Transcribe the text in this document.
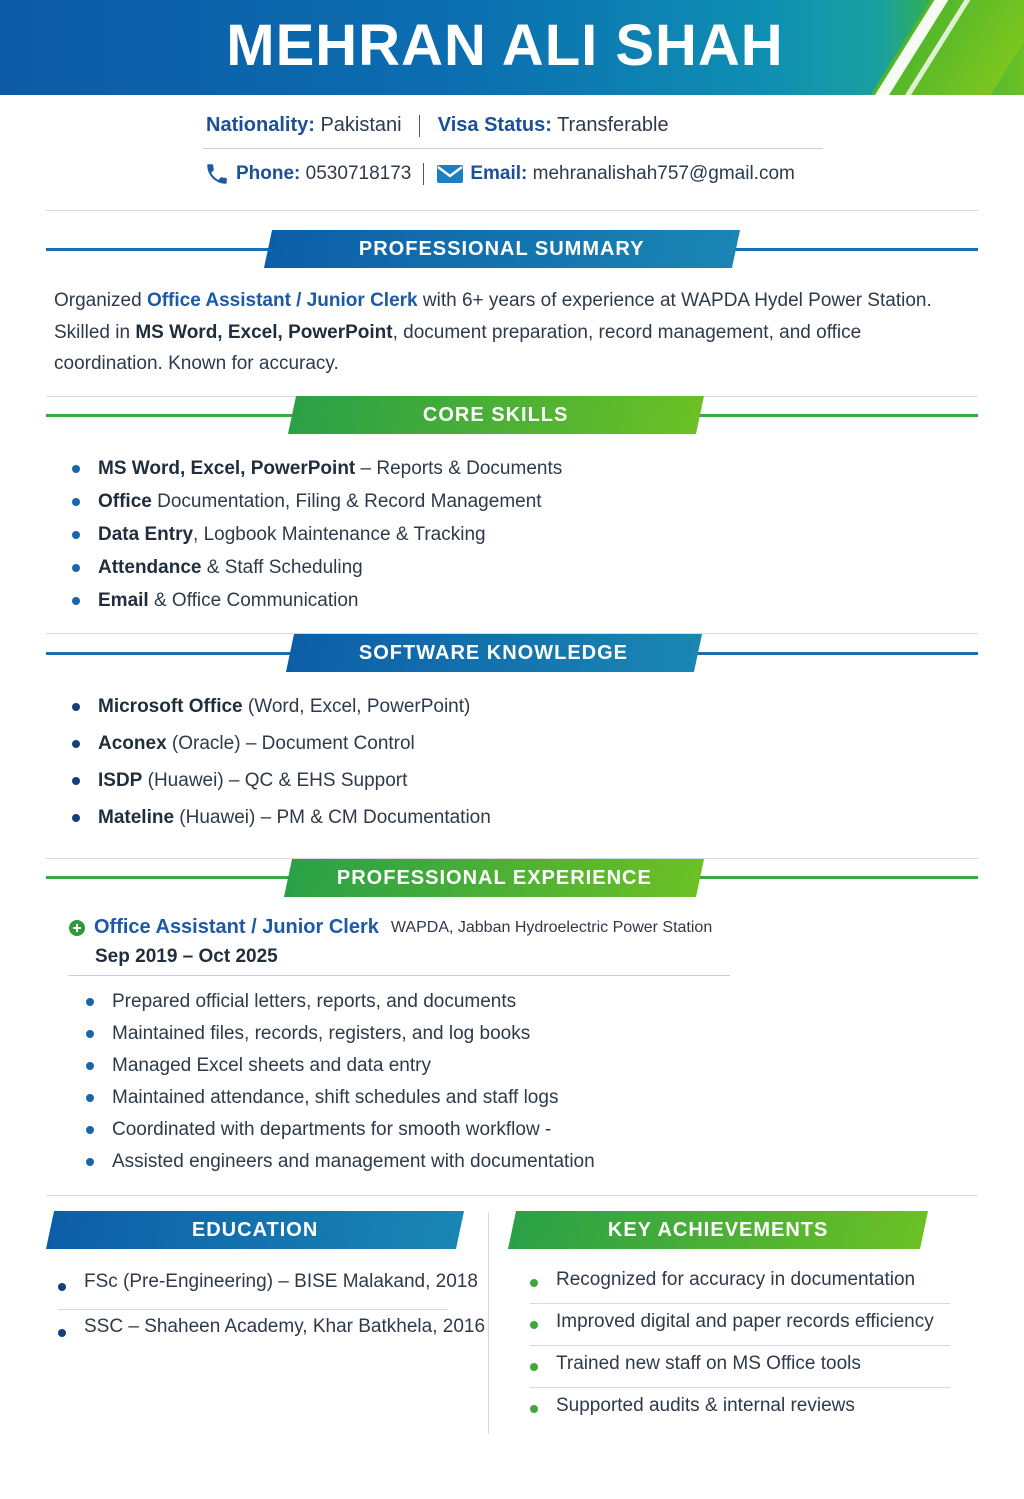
MEHRAN ALI SHAH
Nationality: Pakistani Visa Status: Transferable
Phone:
0530718173	Email:
mehranalishah757@gmail.com
PROFESSIONAL SUMMARY

Organized Office Assistant / Junior Clerk with 6+ years of experience at WAPDA Hydel Power Station. Skilled in MS Word, Excel, PowerPoint, document preparation, record management, and office coordination. Known for accuracy.

CORE SKILLS
MS Word, Excel, PowerPoint – Reports & Documents
Office Documentation, Filing & Record Management
Data Entry, Logbook Maintenance & Tracking
Attendance & Staff Scheduling
Email & Office Communication
SOFTWARE KNOWLEDGE
Microsoft Office (Word, Excel, PowerPoint)
Aconex (Oracle) – Document Control
ISDP (Huawei) – QC & EHS Support
Mateline (Huawei) – PM & CM Documentation
PROFESSIONAL EXPERIENCE
Office Assistant / Junior Clerk WAPDA, Jabban Hydroelectric Power Station
Sep 2019 – Oct 2025
Prepared official letters, reports, and documents
Maintained files, records, registers, and log books
Managed Excel sheets and data entry
Maintained attendance, shift schedules and staff logs
Coordinated with departments for smooth workflow -
Assisted engineers and management with documentation
EDUCATION
FSc (Pre-Engineering) – BISE Malakand, 2018
SSC – Shaheen Academy, Khar Batkhela, 2016
KEY ACHIEVEMENTS
Recognized for accuracy in documentation
Improved digital and paper records efficiency
Trained new staff on MS Office tools
Supported audits & internal reviews
